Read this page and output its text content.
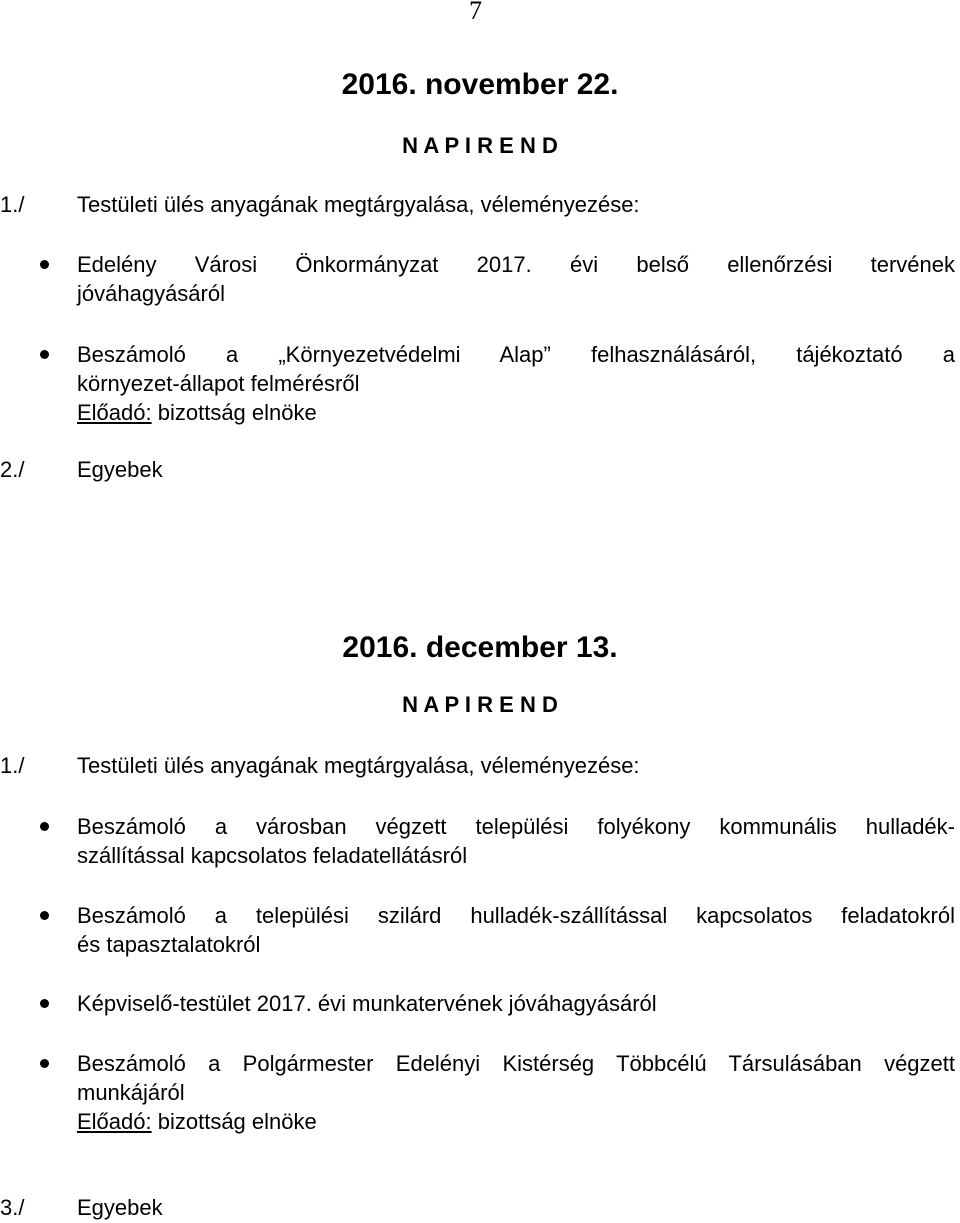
7
2016. november 22.
N A P I R E N D
1./ Testületi ülés anyagának megtárgyalása, véleményezése:
Edelény Városi Önkormányzat 2017. évi belső ellenőrzési tervének
jóváhagyásáról
Beszámoló a „Környezetvédelmi Alap” felhasználásáról, tájékoztató a
környezet-állapot felmérésről
Előadó: bizottság elnöke
2./ Egyebek
2016. december 13.
N A P I R E N D
1./ Testületi ülés anyagának megtárgyalása, véleményezése:
Beszámoló a városban végzett települési folyékony kommunális hulladék-
szállítással kapcsolatos feladatellátásról
Beszámoló a települési szilárd hulladék-szállítással kapcsolatos feladatokról
és tapasztalatokról
Képviselő-testület 2017. évi munkatervének jóváhagyásáról
Beszámoló a Polgármester Edelényi Kistérség Többcélú Társulásában végzett
munkájáról
Előadó: bizottság elnöke
3./ Egyebek
